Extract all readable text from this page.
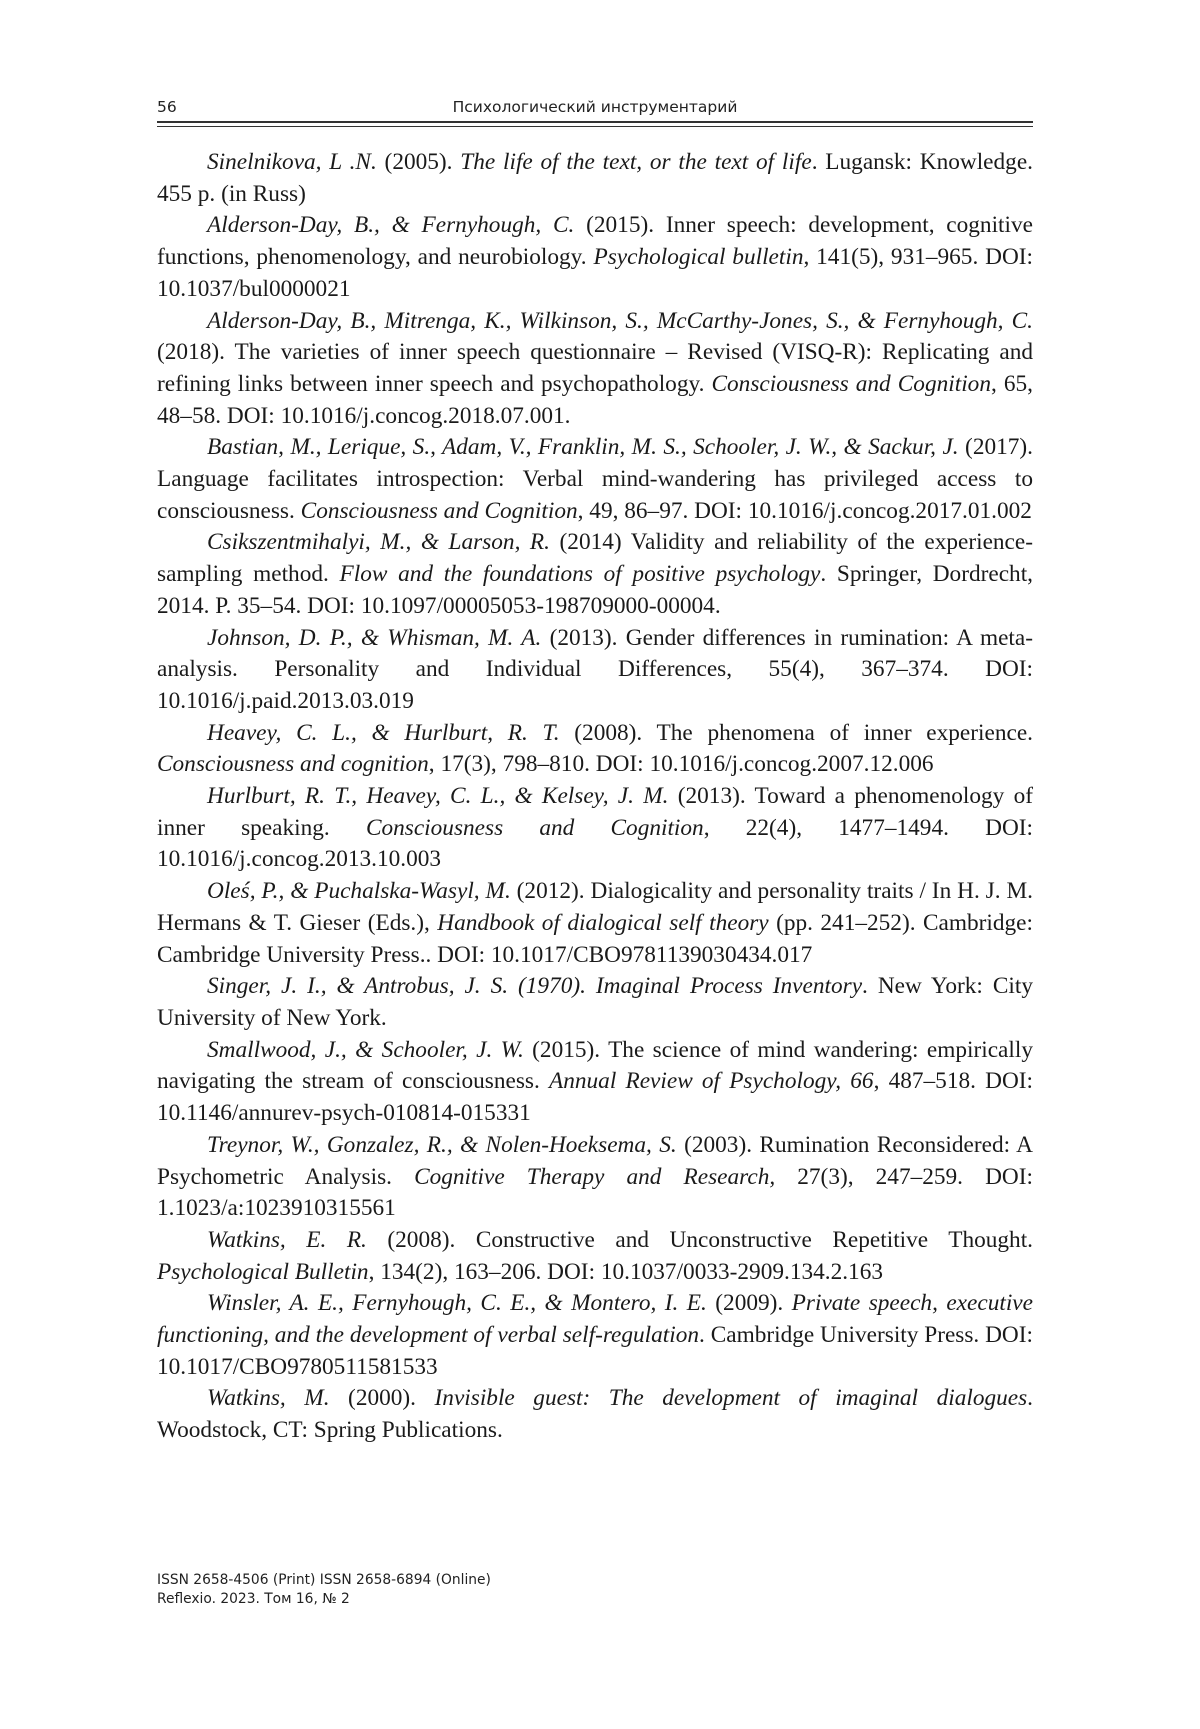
56	Психологический инструментарий

Sinelnikova, L .N. (2005). The life of the text, or the text of life. Lugansk: Knowledge. 455 p. (in Russ)

Alderson-Day, B., & Fernyhough, C. (2015). Inner speech: development, cognitive functions, phenomenology, and neurobiology. Psychological bulletin, 141(5), 931–965. DOI: 10.1037/bul0000021

Alderson-Day, B., Mitrenga, K., Wilkinson, S., McCarthy-Jones, S., & Fernyhough, C. (2018). The varieties of inner speech questionnaire – Revised (VISQ-R): Replicating and refining links between inner speech and psychopathology. Consciousness and Cognition, 65, 48–58. DOI: 10.1016/j.concog.2018.07.001.

Bastian, M., Lerique, S., Adam, V., Franklin, M. S., Schooler, J. W., & Sackur, J. (2017). Language facilitates introspection: Verbal mind-wandering has privileged access to consciousness. Consciousness and Cognition, 49, 86–97. DOI: 10.1016/j.concog.2017.01.002

Csikszentmihalyi, M., & Larson, R. (2014) Validity and reliability of the experience-sampling method. Flow and the foundations of positive psychology. Springer, Dordrecht, 2014. P. 35–54. DOI: 10.1097/00005053-198709000-00004.

Johnson, D. P., & Whisman, M. A. (2013). Gender differences in rumination: A meta-analysis. Personality and Individual Differences, 55(4), 367–374. DOI: 10.1016/j.paid.2013.03.019

Heavey, C. L., & Hurlburt, R. T. (2008). The phenomena of inner experience. Consciousness and cognition, 17(3), 798–810. DOI: 10.1016/j.concog.2007.12.006

Hurlburt, R. T., Heavey, C. L., & Kelsey, J. M. (2013). Toward a phenomenology of inner speaking. Consciousness and Cognition, 22(4), 1477–1494. DOI: 10.1016/j.concog.2013.10.003

Oleś, P., & Puchalska-Wasyl, M. (2012). Dialogicality and personality traits / In H. J. M. Hermans & T. Gieser (Eds.), Handbook of dialogical self theory (pp. 241–252). Cambridge: Cambridge University Press.. DOI: 10.1017/CBO9781139030434.017

Singer, J. I., & Antrobus, J. S. (1970). Imaginal Process Inventory. New York: City University of New York.

Smallwood, J., & Schooler, J. W. (2015). The science of mind wandering: empirically navigating the stream of consciousness. Annual Review of Psychology, 66, 487–518. DOI: 10.1146/annurev-psych-010814-015331

Treynor, W., Gonzalez, R., & Nolen-Hoeksema, S. (2003). Rumination Reconsidered: A Psychometric Analysis. Cognitive Therapy and Research, 27(3), 247–259. DOI: 1.1023/a:1023910315561

Watkins, E. R. (2008). Constructive and Unconstructive Repetitive Thought. Psychological Bulletin, 134(2), 163–206. DOI: 10.1037/0033-2909.134.2.163

Winsler, A. E., Fernyhough, C. E., & Montero, I. E. (2009). Private speech, executive functioning, and the development of verbal self-regulation. Cambridge University Press. DOI: 10.1017/CBO9780511581533

Watkins, M. (2000). Invisible guest: The development of imaginal dialogues. Woodstock, CT: Spring Publications.

ISSN 2658-4506 (Print) ISSN 2658-6894 (Online)
Reflexio. 2023. Том 16, № 2
